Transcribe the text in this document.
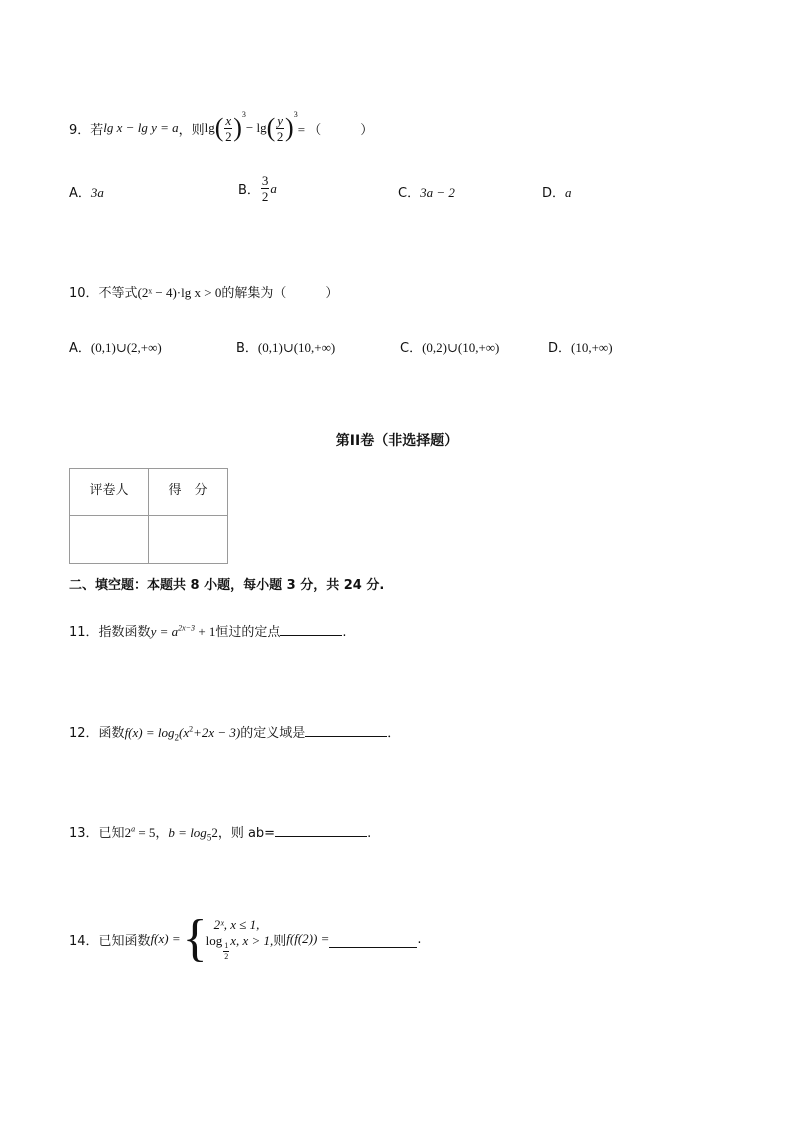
9． 若 lg x − lg y = a ，则 lg ( $\frac{x}{2} )^3$
− lg ( $\frac{y}{2} )^3$
= （　　　）
A．3a	B． $\frac{3}{2}$ a	C．3a − 2	D．a
10．不等式(2ˣ − 4)·lg x > 0的解集为（　　　）
A．(0,1)∪(2,+∞)	B．(0,1)∪(10,+∞)	C．(0,2)∪(10,+∞)	D．(10,+∞)
第II卷（非选择题）
评卷人	得　分

二、填空题：本题共 8 小题，每小题 3 分，共 24 分.
11．指数函数$y = a^{2x-3} + 1$恒过的定点	.
12．函数$f(x) = \log_2(x^2+2x - 3)$的定义域是	．
13．已知$2^a = 5$，$b = \log_52$，则 ab=	.
14． 已知函数 f(x) = { 2ˣ, x ≤ 1,
log
$\frac{1}{2}$
x, x > 1, 则 f(f(2)) =	.
